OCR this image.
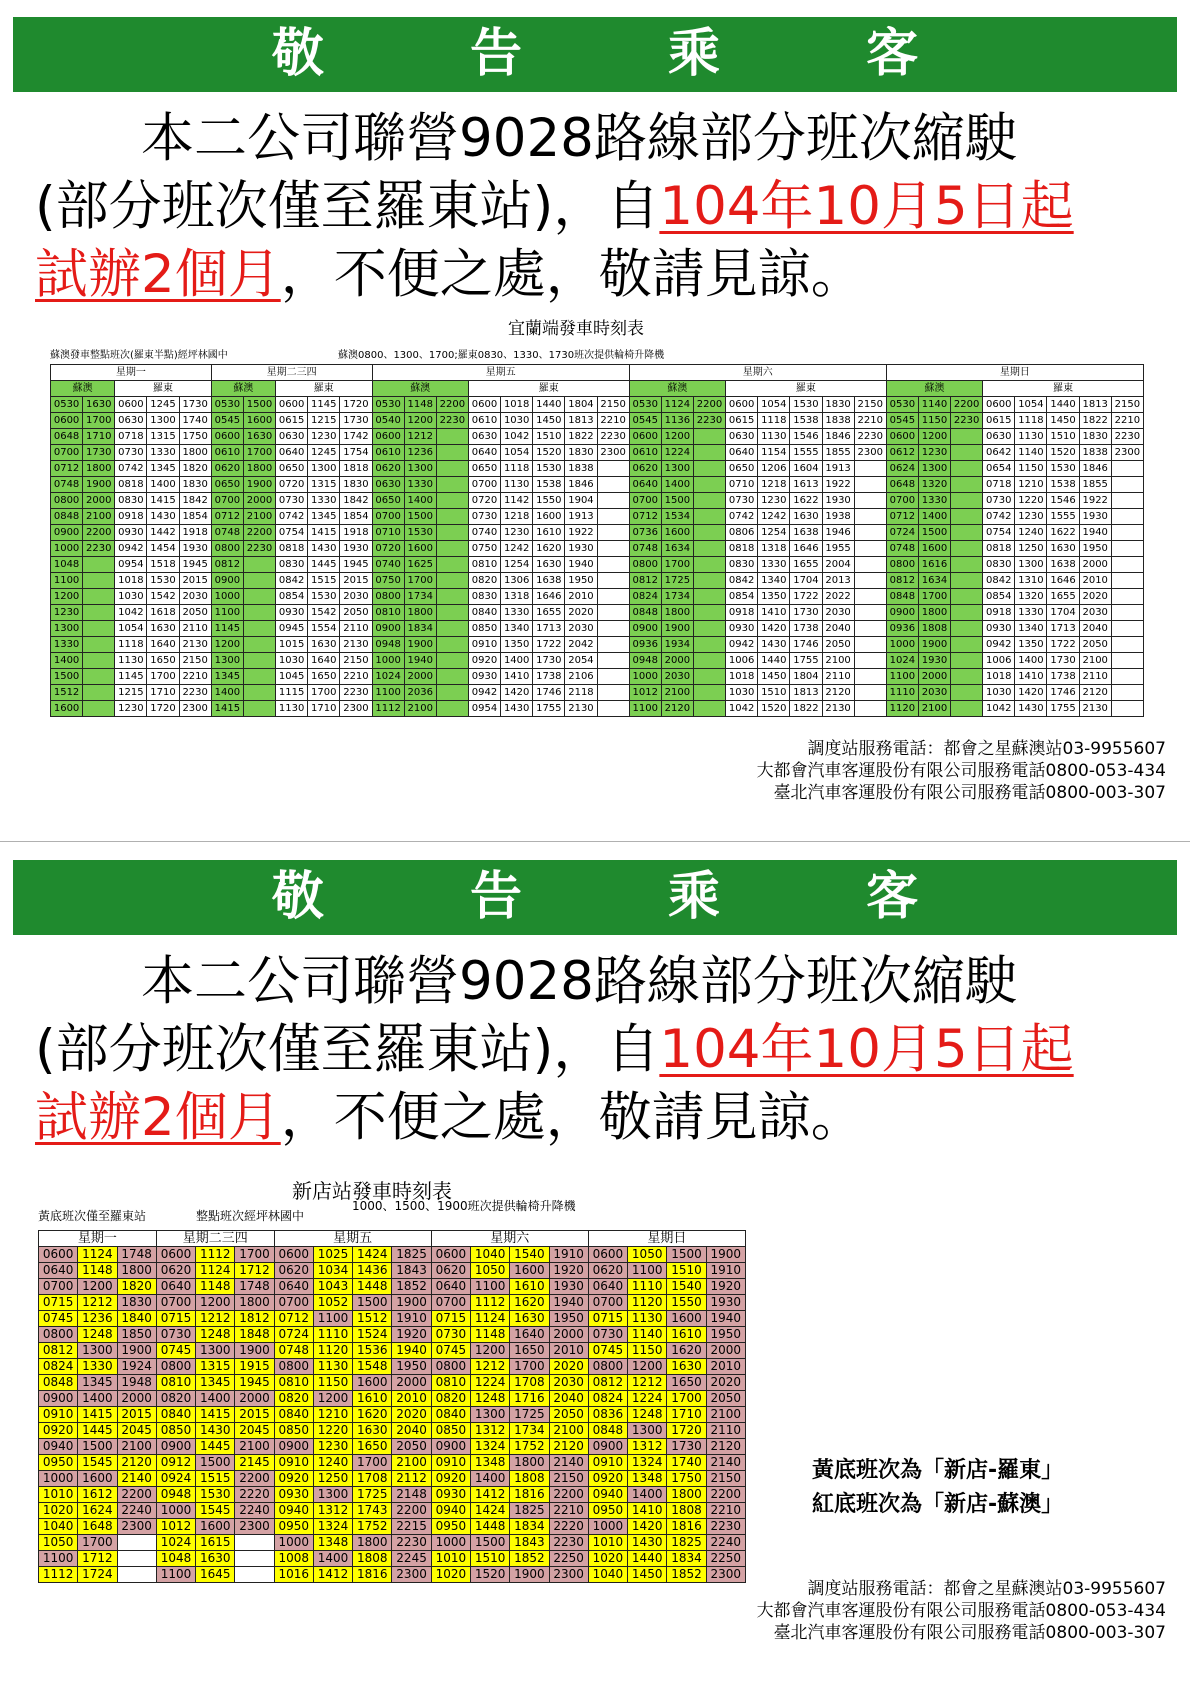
敬 告 乘 客
本二公司聯營9028路線部分班次縮駛
(部分班次僅至羅東站)，自104年10月5日起
試辦2個月，不便之處，敬請見諒。
宜蘭端發車時刻表
蘇澳發車整點班次(羅東半點)經坪林國中	蘇澳0800、1300、1700;羅東0830、1330、1730班次提供輪椅升降機
星期一					星期二三四					星期五								星期六								星期日							
蘇澳		羅東			蘇澳		羅東			蘇澳			羅東					蘇澳			羅東					蘇澳			羅東				
0530	1630	0600	1245	1730	0530	1500	0600	1145	1720	0530	1148	2200	0600	1018	1440	1804	2150	0530	1124	2200	0600	1054	1530	1830	2150	0530	1140	2200	0600	1054	1440	1813	2150
0600	1700	0630	1300	1740	0545	1600	0615	1215	1730	0540	1200	2230	0610	1030	1450	1813	2210	0545	1136	2230	0615	1118	1538	1838	2210	0545	1150	2230	0615	1118	1450	1822	2210
0648	1710	0718	1315	1750	0600	1630	0630	1230	1742	0600	1212		0630	1042	1510	1822	2230	0600	1200		0630	1130	1546	1846	2230	0600	1200		0630	1130	1510	1830	2230
0700	1730	0730	1330	1800	0610	1700	0640	1245	1754	0610	1236		0640	1054	1520	1830	2300	0610	1224		0640	1154	1555	1855	2300	0612	1230		0642	1140	1520	1838	2300
0712	1800	0742	1345	1820	0620	1800	0650	1300	1818	0620	1300		0650	1118	1530	1838		0620	1300		0650	1206	1604	1913		0624	1300		0654	1150	1530	1846	
0748	1900	0818	1400	1830	0650	1900	0720	1315	1830	0630	1330		0700	1130	1538	1846		0640	1400		0710	1218	1613	1922		0648	1320		0718	1210	1538	1855	
0800	2000	0830	1415	1842	0700	2000	0730	1330	1842	0650	1400		0720	1142	1550	1904		0700	1500		0730	1230	1622	1930		0700	1330		0730	1220	1546	1922	
0848	2100	0918	1430	1854	0712	2100	0742	1345	1854	0700	1500		0730	1218	1600	1913		0712	1534		0742	1242	1630	1938		0712	1400		0742	1230	1555	1930	
0900	2200	0930	1442	1918	0748	2200	0754	1415	1918	0710	1530		0740	1230	1610	1922		0736	1600		0806	1254	1638	1946		0724	1500		0754	1240	1622	1940	
1000	2230	0942	1454	1930	0800	2230	0818	1430	1930	0720	1600		0750	1242	1620	1930		0748	1634		0818	1318	1646	1955		0748	1600		0818	1250	1630	1950	
1048		0954	1518	1945	0812		0830	1445	1945	0740	1625		0810	1254	1630	1940		0800	1700		0830	1330	1655	2004		0800	1616		0830	1300	1638	2000	
1100		1018	1530	2015	0900		0842	1515	2015	0750	1700		0820	1306	1638	1950		0812	1725		0842	1340	1704	2013		0812	1634		0842	1310	1646	2010	
1200		1030	1542	2030	1000		0854	1530	2030	0800	1734		0830	1318	1646	2010		0824	1734		0854	1350	1722	2022		0848	1700		0854	1320	1655	2020	
1230		1042	1618	2050	1100		0930	1542	2050	0810	1800		0840	1330	1655	2020		0848	1800		0918	1410	1730	2030		0900	1800		0918	1330	1704	2030	
1300		1054	1630	2110	1145		0945	1554	2110	0900	1834		0850	1340	1713	2030		0900	1900		0930	1420	1738	2040		0936	1808		0930	1340	1713	2040	
1330		1118	1640	2130	1200		1015	1630	2130	0948	1900		0910	1350	1722	2042		0936	1934		0942	1430	1746	2050		1000	1900		0942	1350	1722	2050	
1400		1130	1650	2150	1300		1030	1640	2150	1000	1940		0920	1400	1730	2054		0948	2000		1006	1440	1755	2100		1024	1930		1006	1400	1730	2100	
1500		1145	1700	2210	1345		1045	1650	2210	1024	2000		0930	1410	1738	2106		1000	2030		1018	1450	1804	2110		1100	2000		1018	1410	1738	2110	
1512		1215	1710	2230	1400		1115	1700	2230	1100	2036		0942	1420	1746	2118		1012	2100		1030	1510	1813	2120		1110	2030		1030	1420	1746	2120	
1600		1230	1720	2300	1415		1130	1710	2300	1112	2100		0954	1430	1755	2130		1100	2120		1042	1520	1822	2130		1120	2100		1042	1430	1755	2130	
調度站服務電話：都會之星蘇澳站03-9955607
大都會汽車客運股份有限公司服務電話0800-053-434
臺北汽車客運股份有限公司服務電話0800-003-307
敬 告 乘 客
本二公司聯營9028路線部分班次縮駛
(部分班次僅至羅東站)，自104年10月5日起
試辦2個月，不便之處，敬請見諒。
新店站發車時刻表
黃底班次僅至羅東站	整點班次經坪林國中
1000、1500、1900班次提供輪椅升降機
星期一			星期二三四			星期五				星期六				星期日			
0600	1124	1748	0600	1112	1700	0600	1025	1424	1825	0600	1040	1540	1910	0600	1050	1500	1900
0640	1148	1800	0620	1124	1712	0620	1034	1436	1843	0620	1050	1600	1920	0620	1100	1510	1910
0700	1200	1820	0640	1148	1748	0640	1043	1448	1852	0640	1100	1610	1930	0640	1110	1540	1920
0715	1212	1830	0700	1200	1800	0700	1052	1500	1900	0700	1112	1620	1940	0700	1120	1550	1930
0745	1236	1840	0715	1212	1812	0712	1100	1512	1910	0715	1124	1630	1950	0715	1130	1600	1940
0800	1248	1850	0730	1248	1848	0724	1110	1524	1920	0730	1148	1640	2000	0730	1140	1610	1950
0812	1300	1900	0745	1300	1900	0748	1120	1536	1940	0745	1200	1650	2010	0745	1150	1620	2000
0824	1330	1924	0800	1315	1915	0800	1130	1548	1950	0800	1212	1700	2020	0800	1200	1630	2010
0848	1345	1948	0810	1345	1945	0810	1150	1600	2000	0810	1224	1708	2030	0812	1212	1650	2020
0900	1400	2000	0820	1400	2000	0820	1200	1610	2010	0820	1248	1716	2040	0824	1224	1700	2050
0910	1415	2015	0840	1415	2015	0840	1210	1620	2020	0840	1300	1725	2050	0836	1248	1710	2100
0920	1445	2045	0850	1430	2045	0850	1220	1630	2040	0850	1312	1734	2100	0848	1300	1720	2110
0940	1500	2100	0900	1445	2100	0900	1230	1650	2050	0900	1324	1752	2120	0900	1312	1730	2120
0950	1545	2120	0912	1500	2145	0910	1240	1700	2100	0910	1348	1800	2140	0910	1324	1740	2140
1000	1600	2140	0924	1515	2200	0920	1250	1708	2112	0920	1400	1808	2150	0920	1348	1750	2150
1010	1612	2200	0948	1530	2220	0930	1300	1725	2148	0930	1412	1816	2200	0940	1400	1800	2200
1020	1624	2240	1000	1545	2240	0940	1312	1743	2200	0940	1424	1825	2210	0950	1410	1808	2210
1040	1648	2300	1012	1600	2300	0950	1324	1752	2215	0950	1448	1834	2220	1000	1420	1816	2230
1050	1700		1024	1615		1000	1348	1800	2230	1000	1500	1843	2230	1010	1430	1825	2240
1100	1712		1048	1630		1008	1400	1808	2245	1010	1510	1852	2250	1020	1440	1834	2250
1112	1724		1100	1645		1016	1412	1816	2300	1020	1520	1900	2300	1040	1450	1852	2300
黃底班次為「新店-羅東」
紅底班次為「新店-蘇澳」
調度站服務電話：都會之星蘇澳站03-9955607
大都會汽車客運股份有限公司服務電話0800-053-434
臺北汽車客運股份有限公司服務電話0800-003-307
